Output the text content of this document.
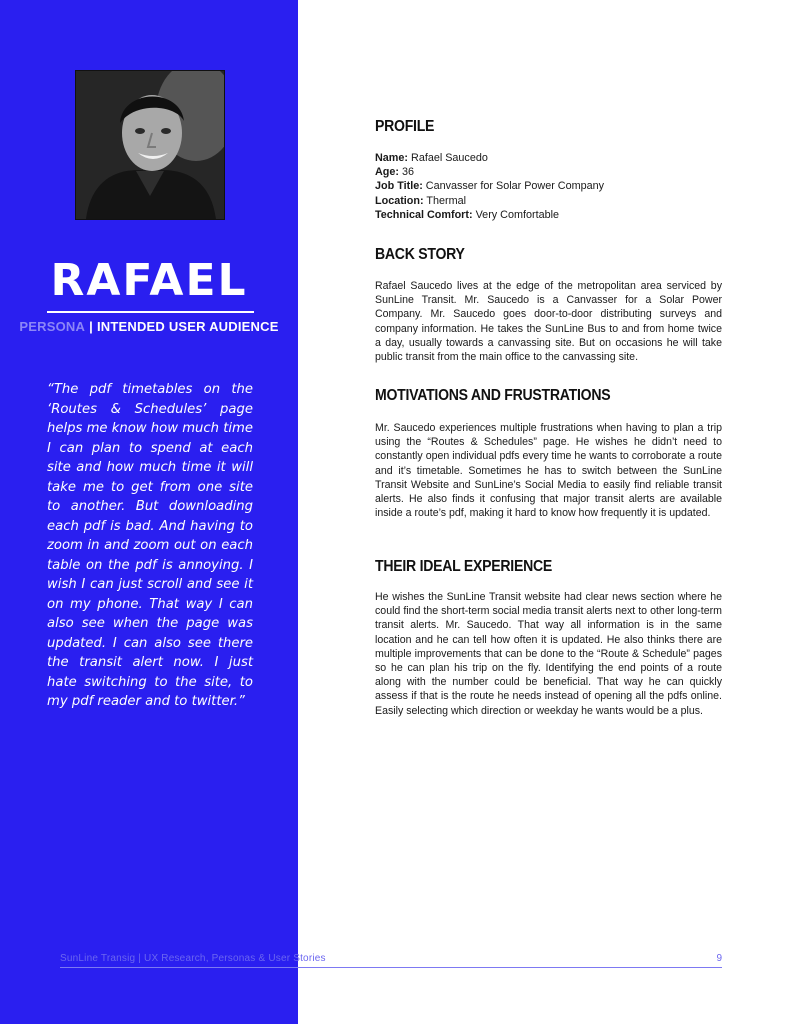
RAFAEL
PERSONA | INTENDED USER AUDIENCE

“The pdf timetables on the ‘Routes & Schedules’ page helps me know how much time I can plan to spend at each site and how much time it will take me to get from one site to another. But downloading each pdf is bad. And having to zoom in and zoom out on each table on the pdf is annoying. I wish I can just scroll and see it on my phone. That way I can also see when the page was updated. I can also see there the transit alert now. I just hate switching to the site, to my pdf reader and to twitter.”

PROFILE
Name: Rafael Saucedo
Age: 36
Job Title: Canvasser for Solar Power Company
Location: Thermal
Technical Comfort: Very Comfortable
BACK STORY

Rafael Saucedo lives at the edge of the metropolitan area serviced by SunLine Transit. Mr. Saucedo is a Canvasser for a Solar Power Company. Mr. Saucedo goes door-to-door distributing surveys and company information. He takes the SunLine Bus to and from home twice a day, usually towards a canvassing site. But on occasions he will take public transit from the main office to the canvassing site.

MOTIVATIONS AND FRUSTRATIONS

Mr. Saucedo experiences multiple frustrations when having to plan a trip using the “Routes & Schedules” page. He wishes he didn’t need to constantly open individual pdfs every time he wants to corroborate a route and it’s timetable. Sometimes he has to switch between the SunLine Transit Website and SunLine’s Social Media to easily find reliable transit alerts. He also finds it confusing that major transit alerts are available inside a route’s pdf, making it hard to know how frequently it is updated.

THEIR IDEAL EXPERIENCE

He wishes the SunLine Transit website had clear news section where he could find the short-term social media transit alerts next to other long-term transit alerts. Mr. Saucedo. That way all information is in the same location and he can tell how often it is updated. He also thinks there are multiple improvements that can be done to the “Route & Schedule” pages so he can plan his trip on the fly. Identifying the end points of a route along with the number could be beneficial. That way he can quickly assess if that is the route he needs instead of opening all the pdfs online. Easily selecting which direction or weekday he wants would be a plus.

SunLine Transig | UX Research, Personas & User Stories	9
